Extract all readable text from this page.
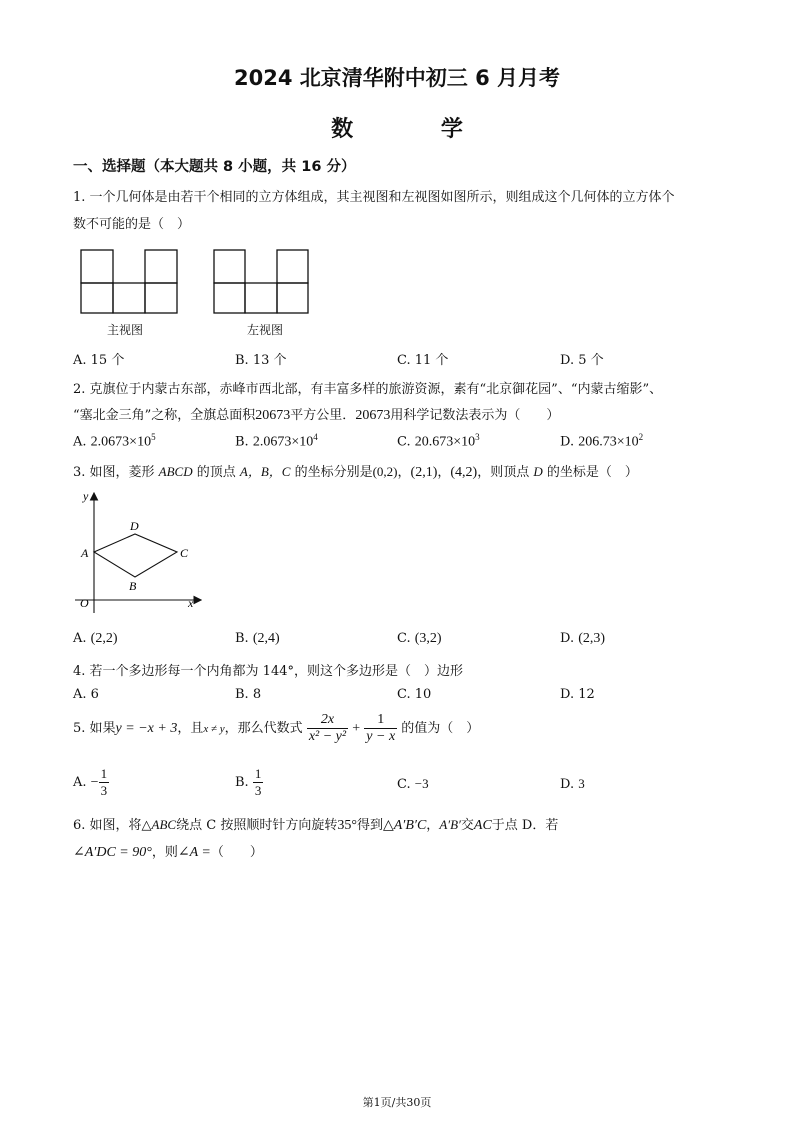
2024 北京清华附中初三 6 月月考
数 学
一、选择题（本大题共 8 小题，共 16 分）
1. 一个几何体是由若干个相同的立方体组成，其主视图和左视图如图所示，则组成这个几何体的立方体个
数不可能的是（　）
主视图	左视图
A. 15 个	B. 13 个	C. 11 个	D. 5 个
2. 克旗位于内蒙古东部，赤峰市西北部，有丰富多样的旅游资源，素有“北京御花园”、“内蒙古缩影”、
“塞北金三角”之称，全旗总面积20673平方公里．20673用科学记数法表示为（　　）
A. $2.0673\times 10^5$	B. $2.0673\times 10^4$	C. $20.673\times 10^3$	D. $206.73\times 10^2$
3. 如图，菱形 ABCD 的顶点 A，B，C 的坐标分别是(0,2)，(2,1)，(4,2)，则顶点 D 的坐标是（　）
y
x
O
A	C
D
B
A. (2,2)	B. (2,4)	C. (3,2)	D. (2,3)
4. 若一个多边形每一个内角都为 144°，则这个多边形是（　）边形
A. 6	B. 8	C. 10	D. 12
5. 如果y = −x + 3，且x ≠ y，那么代数式 $\frac{2x}{\text{x² − y²}} + \frac{1}{y - x}$ 的值为（　）
A. − $\frac{1}{3}$	B. $\frac{1}{3}$	C. −3	D. 3
6. 如图，将△ABC绕点 C 按照顺时针方向旋转35°得到△A′B′C，A′B′交AC于点 D．若
∠A′DC = 90°，则∠A =（　　）
第1页/共30页
